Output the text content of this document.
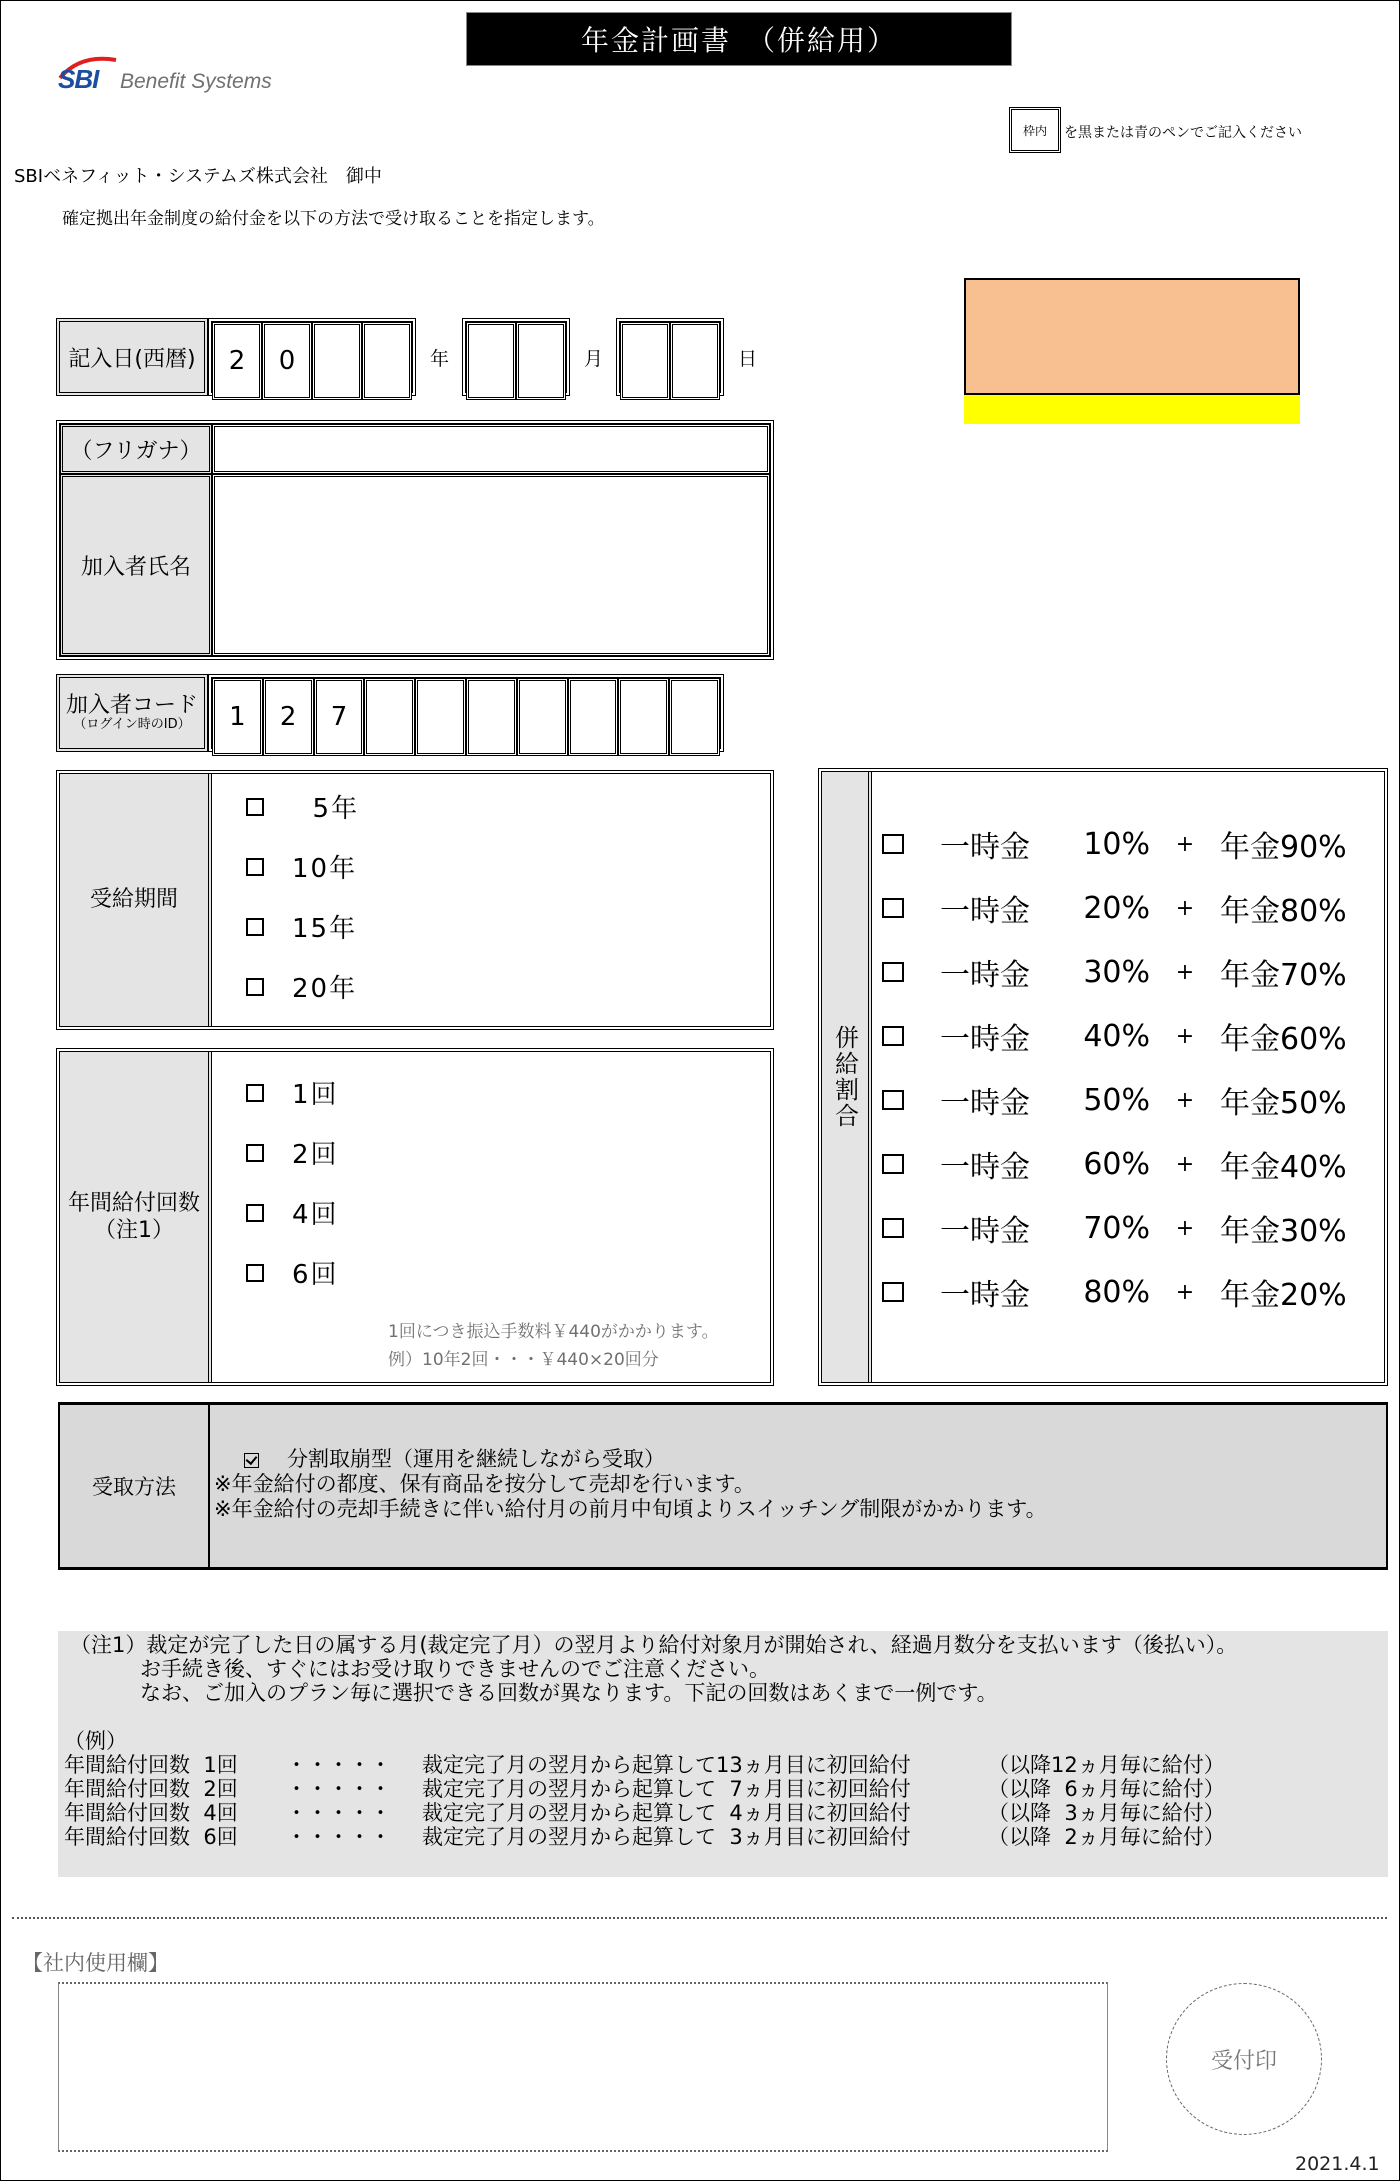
年金計画書　（併給用）
SBI Benefit Systems
枠内	を黒または青のペンでご記入ください
SBIベネフィット・システムズ株式会社　御中
確定拠出年金制度の給付金を以下の方法で受け取ることを指定します。
記入日(西暦)	2	0	年	月	日
（フリガナ）
加入者氏名
加入者コード
（ログイン時のID）	1	2	7
受給期間
5年
10年
15年
20年
年間給付回数
（注1）
1回
2回
4回
6回
1回につき振込手数料￥440がかかります。
例）10年2回・・・￥440×20回分
併給割合
一時金	10%	+ 年金90%
一時金	20%	+ 年金80%
一時金	30%	+ 年金70%
一時金	40%	+ 年金60%
一時金	50%	+ 年金50%
一時金	60%	+ 年金40%
一時金	70%	+ 年金30%
一時金	80%	+ 年金20%
受取方法
分割取崩型（運用を継続しながら受取）
※年金給付の都度、保有商品を按分して売却を行います。
※年金給付の売却手続きに伴い給付月の前月中旬頃よりスイッチング制限がかかります。
（注1）裁定が完了した日の属する月(裁定完了月）の翌月より給付対象月が開始され、経過月数分を支払います（後払い）。
お手続き後、すぐにはお受け取りできませんのでご注意ください。
なお、ご加入のプラン毎に選択できる回数が異なります。下記の回数はあくまで一例です。
（例）
年間給付回数  1回 ・・・・・ 裁定完了月の翌月から起算して13ヵ月目に初回給付	（以降12ヵ月毎に給付）
年間給付回数  2回 ・・・・・ 裁定完了月の翌月から起算して  7ヵ月目に初回給付	（以降  6ヵ月毎に給付）
年間給付回数  4回 ・・・・・ 裁定完了月の翌月から起算して  4ヵ月目に初回給付	（以降  3ヵ月毎に給付）
年間給付回数  6回 ・・・・・ 裁定完了月の翌月から起算して  3ヵ月目に初回給付	（以降  2ヵ月毎に給付）
【社内使用欄】
受付印
2021.4.1
